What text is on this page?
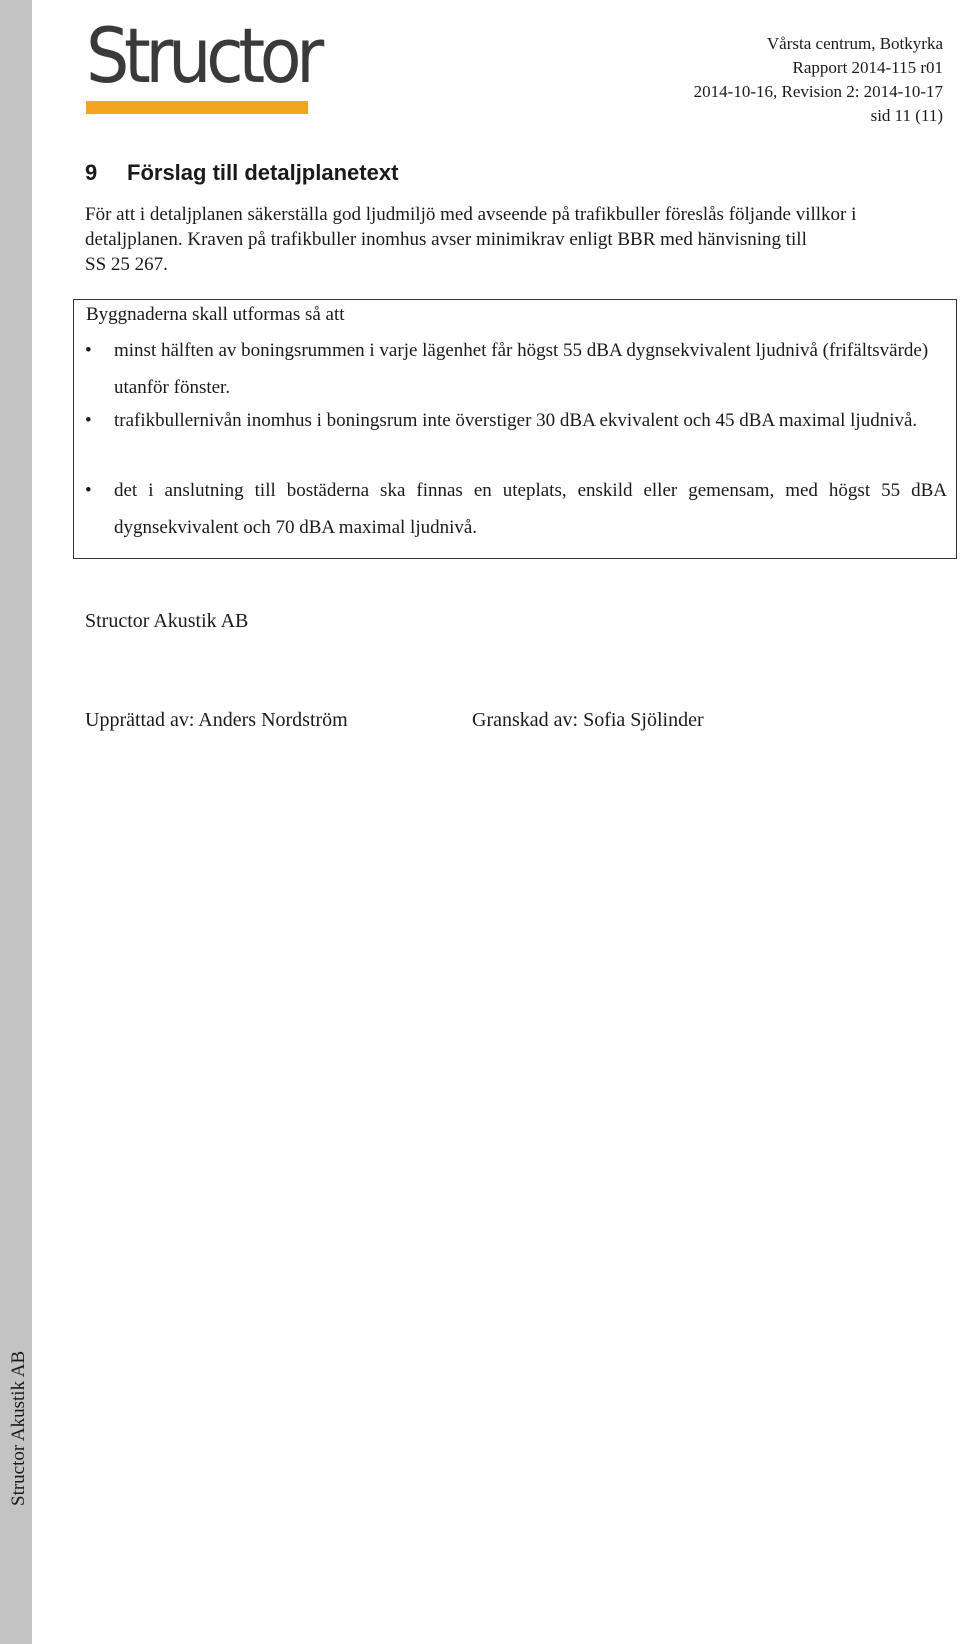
Structor Akustik AB
Structor	Vårsta centrum, Botkyrka
Rapport 2014-115 r01
2014-10-16, Revision 2: 2014-10-17
sid 11 (11)
9 Förslag till detaljplanetext
För att i detaljplanen säkerställa god ljudmiljö med avseende på trafikbuller föreslås följande villkor i
detaljplanen. Kraven på trafikbuller inomhus avser minimikrav enligt BBR med hänvisning till
SS 25 267.
Byggnaderna skall utformas så att
• minst hälften av boningsrummen i varje lägenhet får högst 55 dBA dygnsekvivalent ljudnivå (frifältsvärde) utanför fönster.
• trafikbullernivån inomhus i boningsrum inte överstiger 30 dBA ekvivalent och 45 dBA maximal ljudnivå.
• det i anslutning till bostäderna ska finnas en uteplats, enskild eller gemensam, med högst 55 dBA dygnsekvivalent och 70 dBA maximal ljudnivå.
Structor Akustik AB
Upprättad av: Anders Nordström	Granskad av: Sofia Sjölinder
